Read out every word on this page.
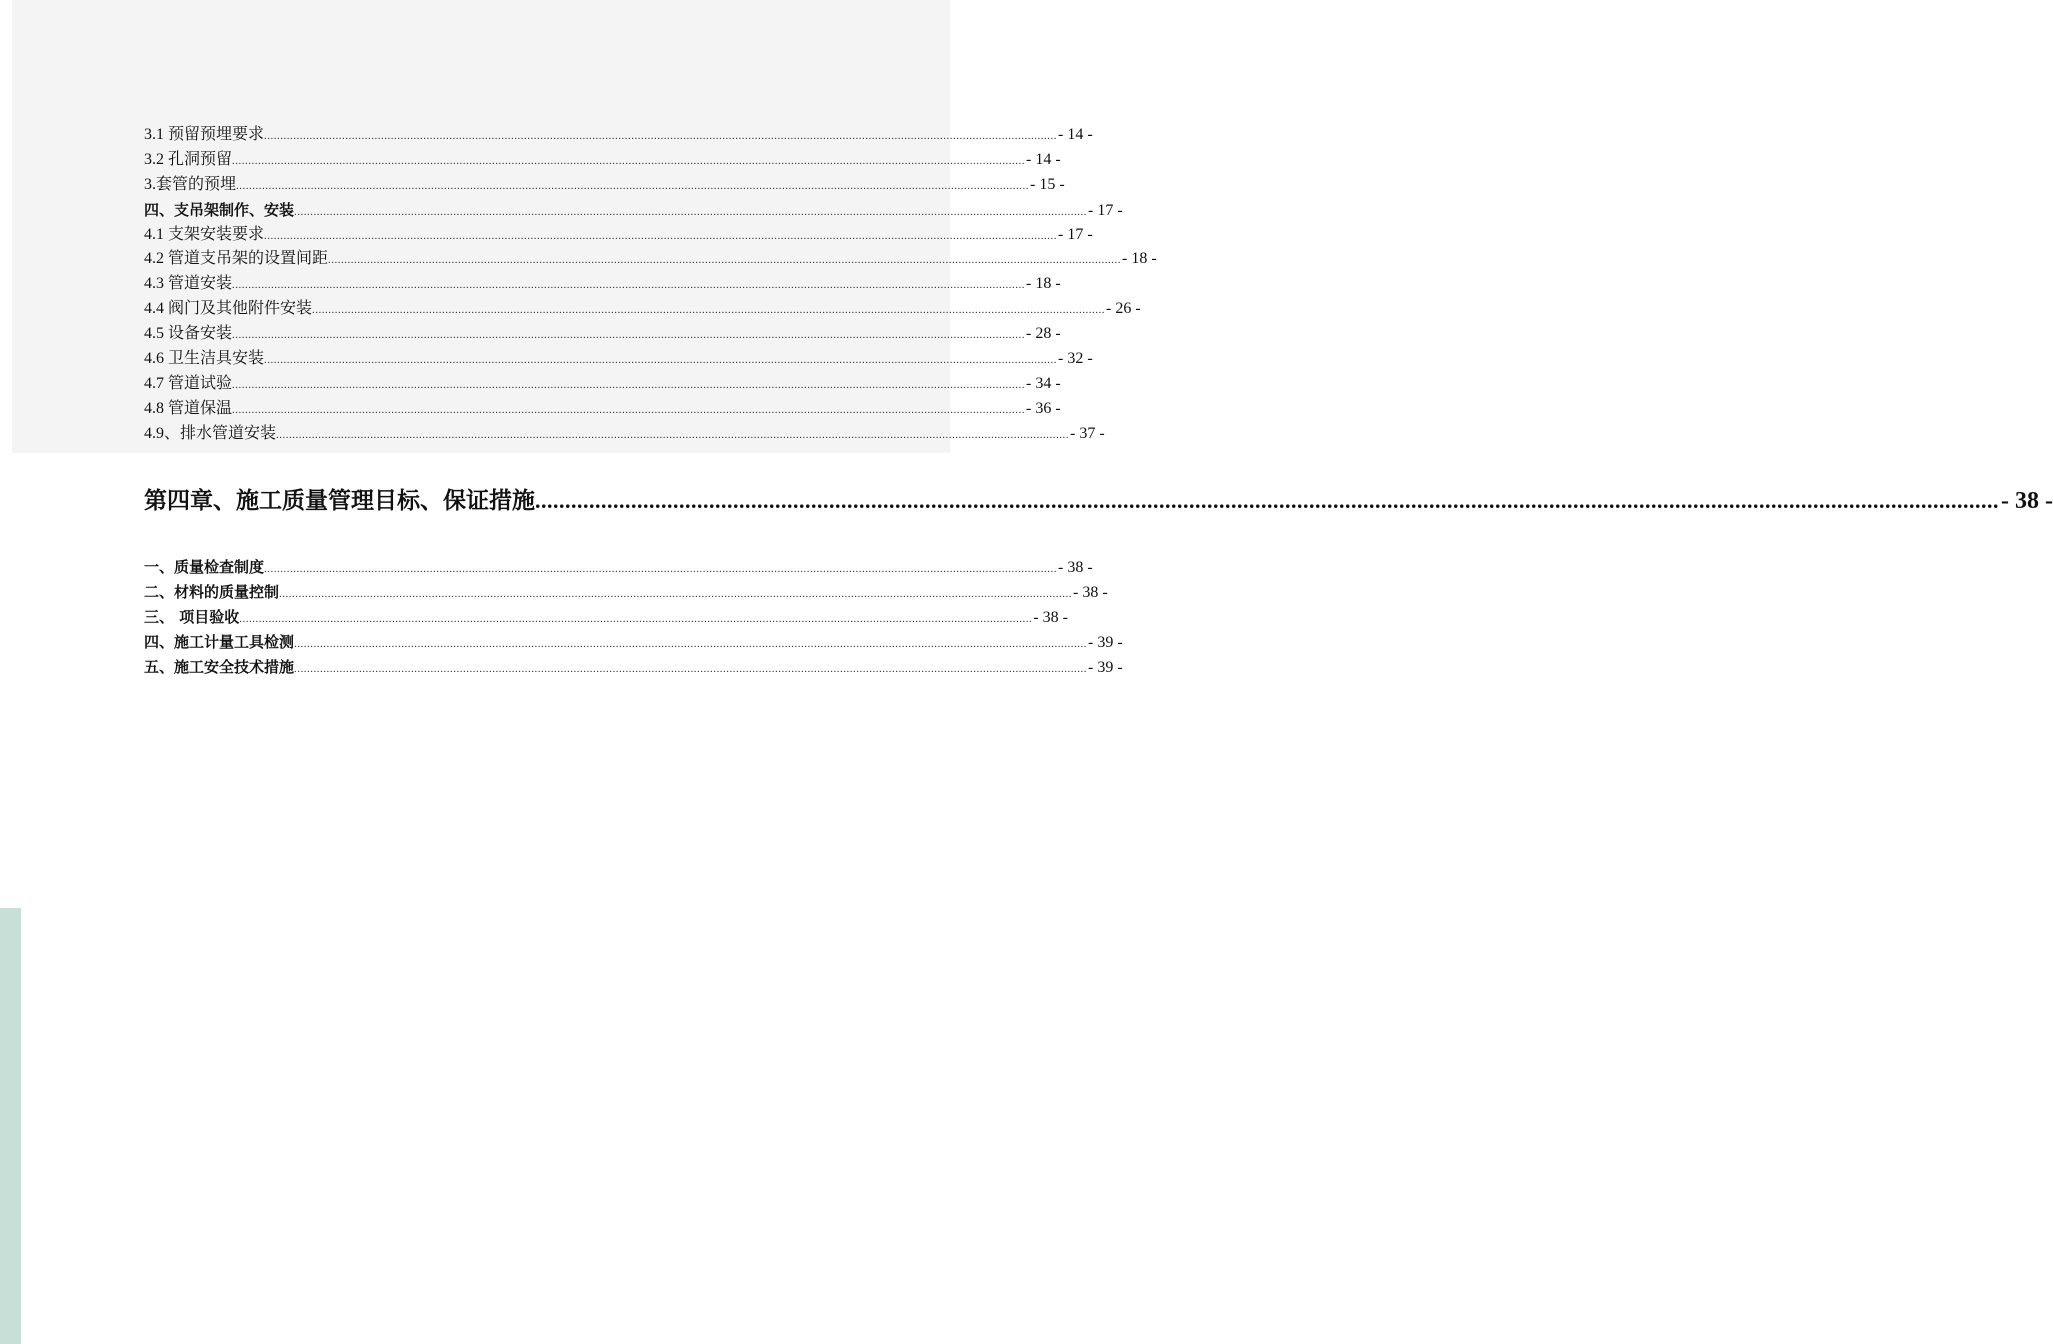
3.1 预留预埋要求 .................................................................................................................................................................................................................................................... - 14 -
3.2 孔洞预留 .................................................................................................................................................................................................................................................... - 14 -
3.套管的预埋 .................................................................................................................................................................................................................................................... - 15 -
四、支吊架制作、安装 .................................................................................................................................................................................................................................................... - 17 -
4.1 支架安装要求 .................................................................................................................................................................................................................................................... - 17 -
4.2 管道支吊架的设置间距 .................................................................................................................................................................................................................................................... - 18 -
4.3 管道安装 .................................................................................................................................................................................................................................................... - 18 -
4.4 阀门及其他附件安装 .................................................................................................................................................................................................................................................... - 26 -
4.5 设备安装 .................................................................................................................................................................................................................................................... - 28 -
4.6 卫生洁具安装 .................................................................................................................................................................................................................................................... - 32 -
4.7 管道试验 .................................................................................................................................................................................................................................................... - 34 -
4.8 管道保温 .................................................................................................................................................................................................................................................... - 36 -
4.9、排水管道安装 .................................................................................................................................................................................................................................................... - 37 -
第四章、施工质量管理目标、保证措施 .................................................................................................................................................................................................................................................... - 38 -
一、质量检查制度 .................................................................................................................................................................................................................................................... - 38 -
二、材料的质量控制 .................................................................................................................................................................................................................................................... - 38 -
三、 项目验收 .................................................................................................................................................................................................................................................... - 38 -
四、施工计量工具检测 .................................................................................................................................................................................................................................................... - 39 -
五、施工安全技术措施 .................................................................................................................................................................................................................................................... - 39 -
